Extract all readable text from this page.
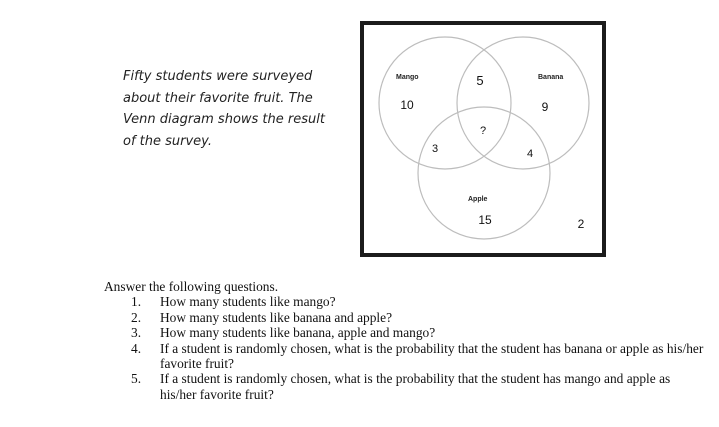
Fifty students were surveyed
about their favorite fruit. The
Venn diagram shows the result
of the survey.
Mango	Banana
Apple
10
5
9
?
3	4
15	2
Answer the following questions.
1. How many students like mango?
2. How many students like banana and apple?
3. How many students like banana, apple and mango?
4. If a student is randomly chosen, what is the probability that the student has banana or apple as his/her favorite fruit?
5. If a student is randomly chosen, what is the probability that the student has mango and apple as his/her favorite fruit?
